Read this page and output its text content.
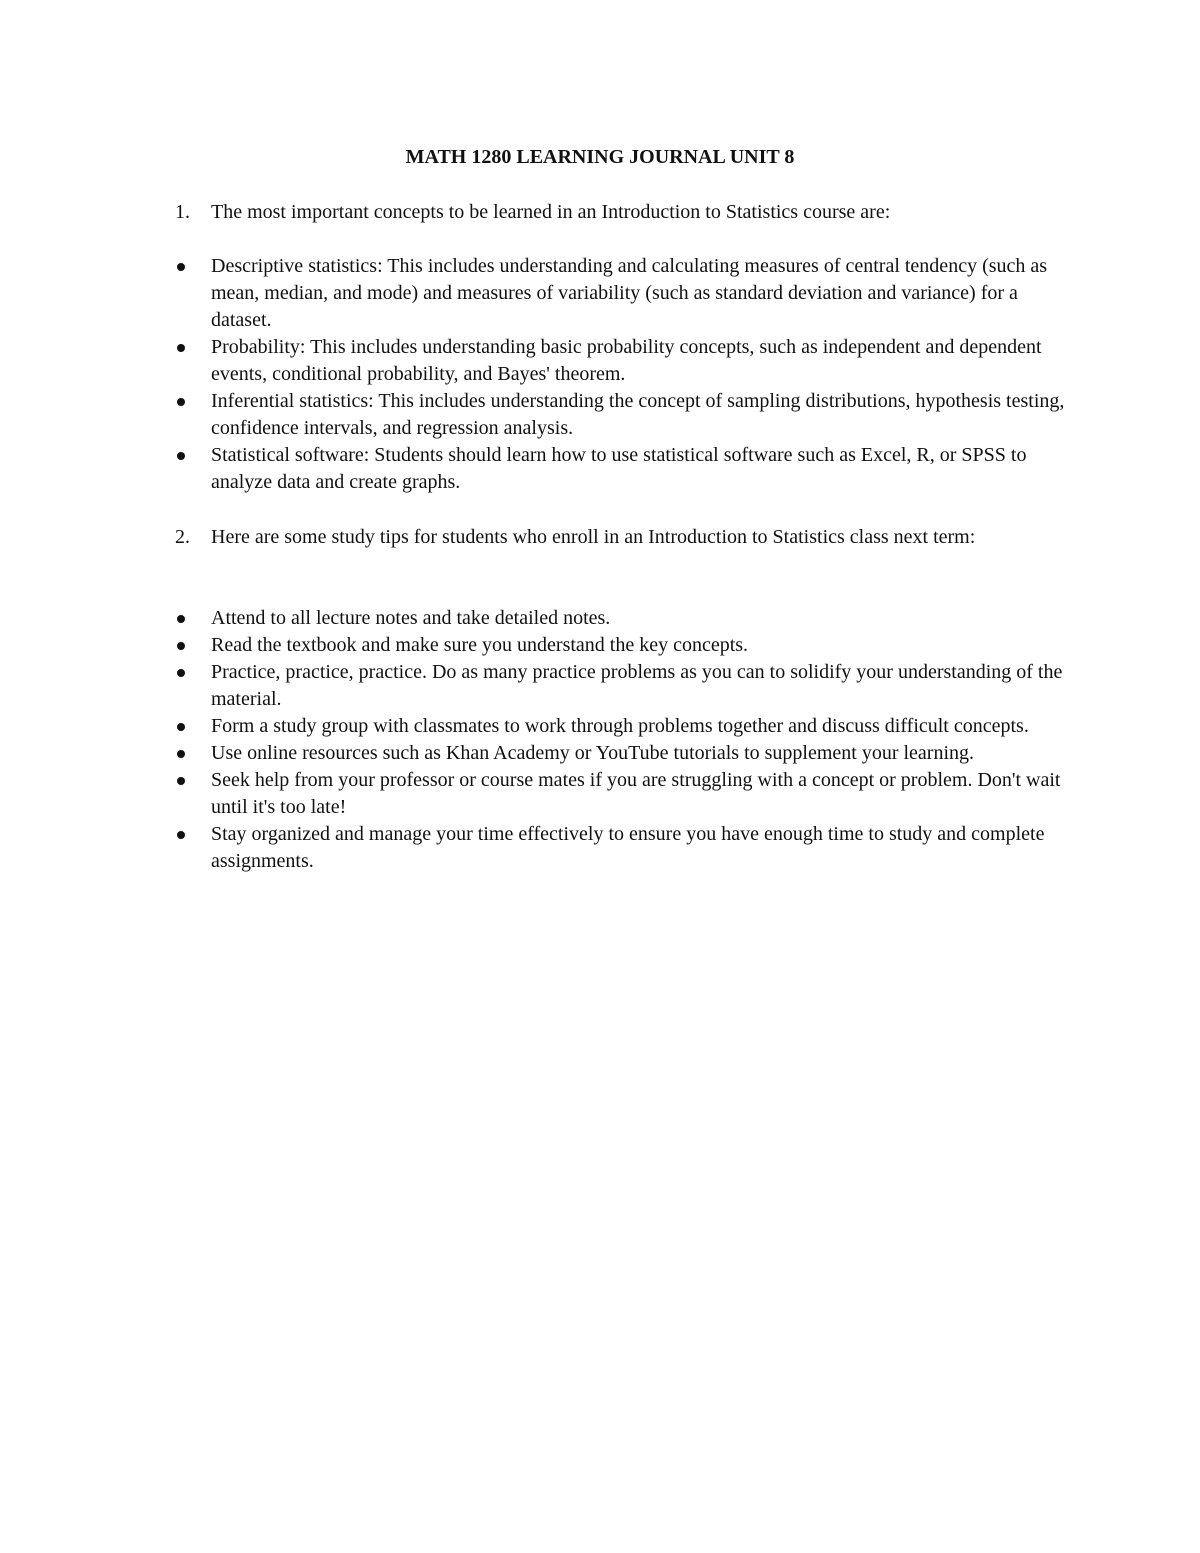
MATH 1280 LEARNING JOURNAL UNIT 8
1. The most important concepts to be learned in an Introduction to Statistics course are:
Descriptive statistics: This includes understanding and calculating measures of central tendency (such as mean, median, and mode) and measures of variability (such as standard deviation and variance) for a dataset.
Probability: This includes understanding basic probability concepts, such as independent and dependent events, conditional probability, and Bayes' theorem.
Inferential statistics: This includes understanding the concept of sampling distributions, hypothesis testing, confidence intervals, and regression analysis.
Statistical software: Students should learn how to use statistical software such as Excel, R, or SPSS to analyze data and create graphs.
2. Here are some study tips for students who enroll in an Introduction to Statistics class next term:
Attend to all lecture notes and take detailed notes.
Read the textbook and make sure you understand the key concepts.
Practice, practice, practice. Do as many practice problems as you can to solidify your understanding of the material.
Form a study group with classmates to work through problems together and discuss difficult concepts.
Use online resources such as Khan Academy or YouTube tutorials to supplement your learning.
Seek help from your professor or course mates if you are struggling with a concept or problem. Don't wait until it's too late!
Stay organized and manage your time effectively to ensure you have enough time to study and complete assignments.
